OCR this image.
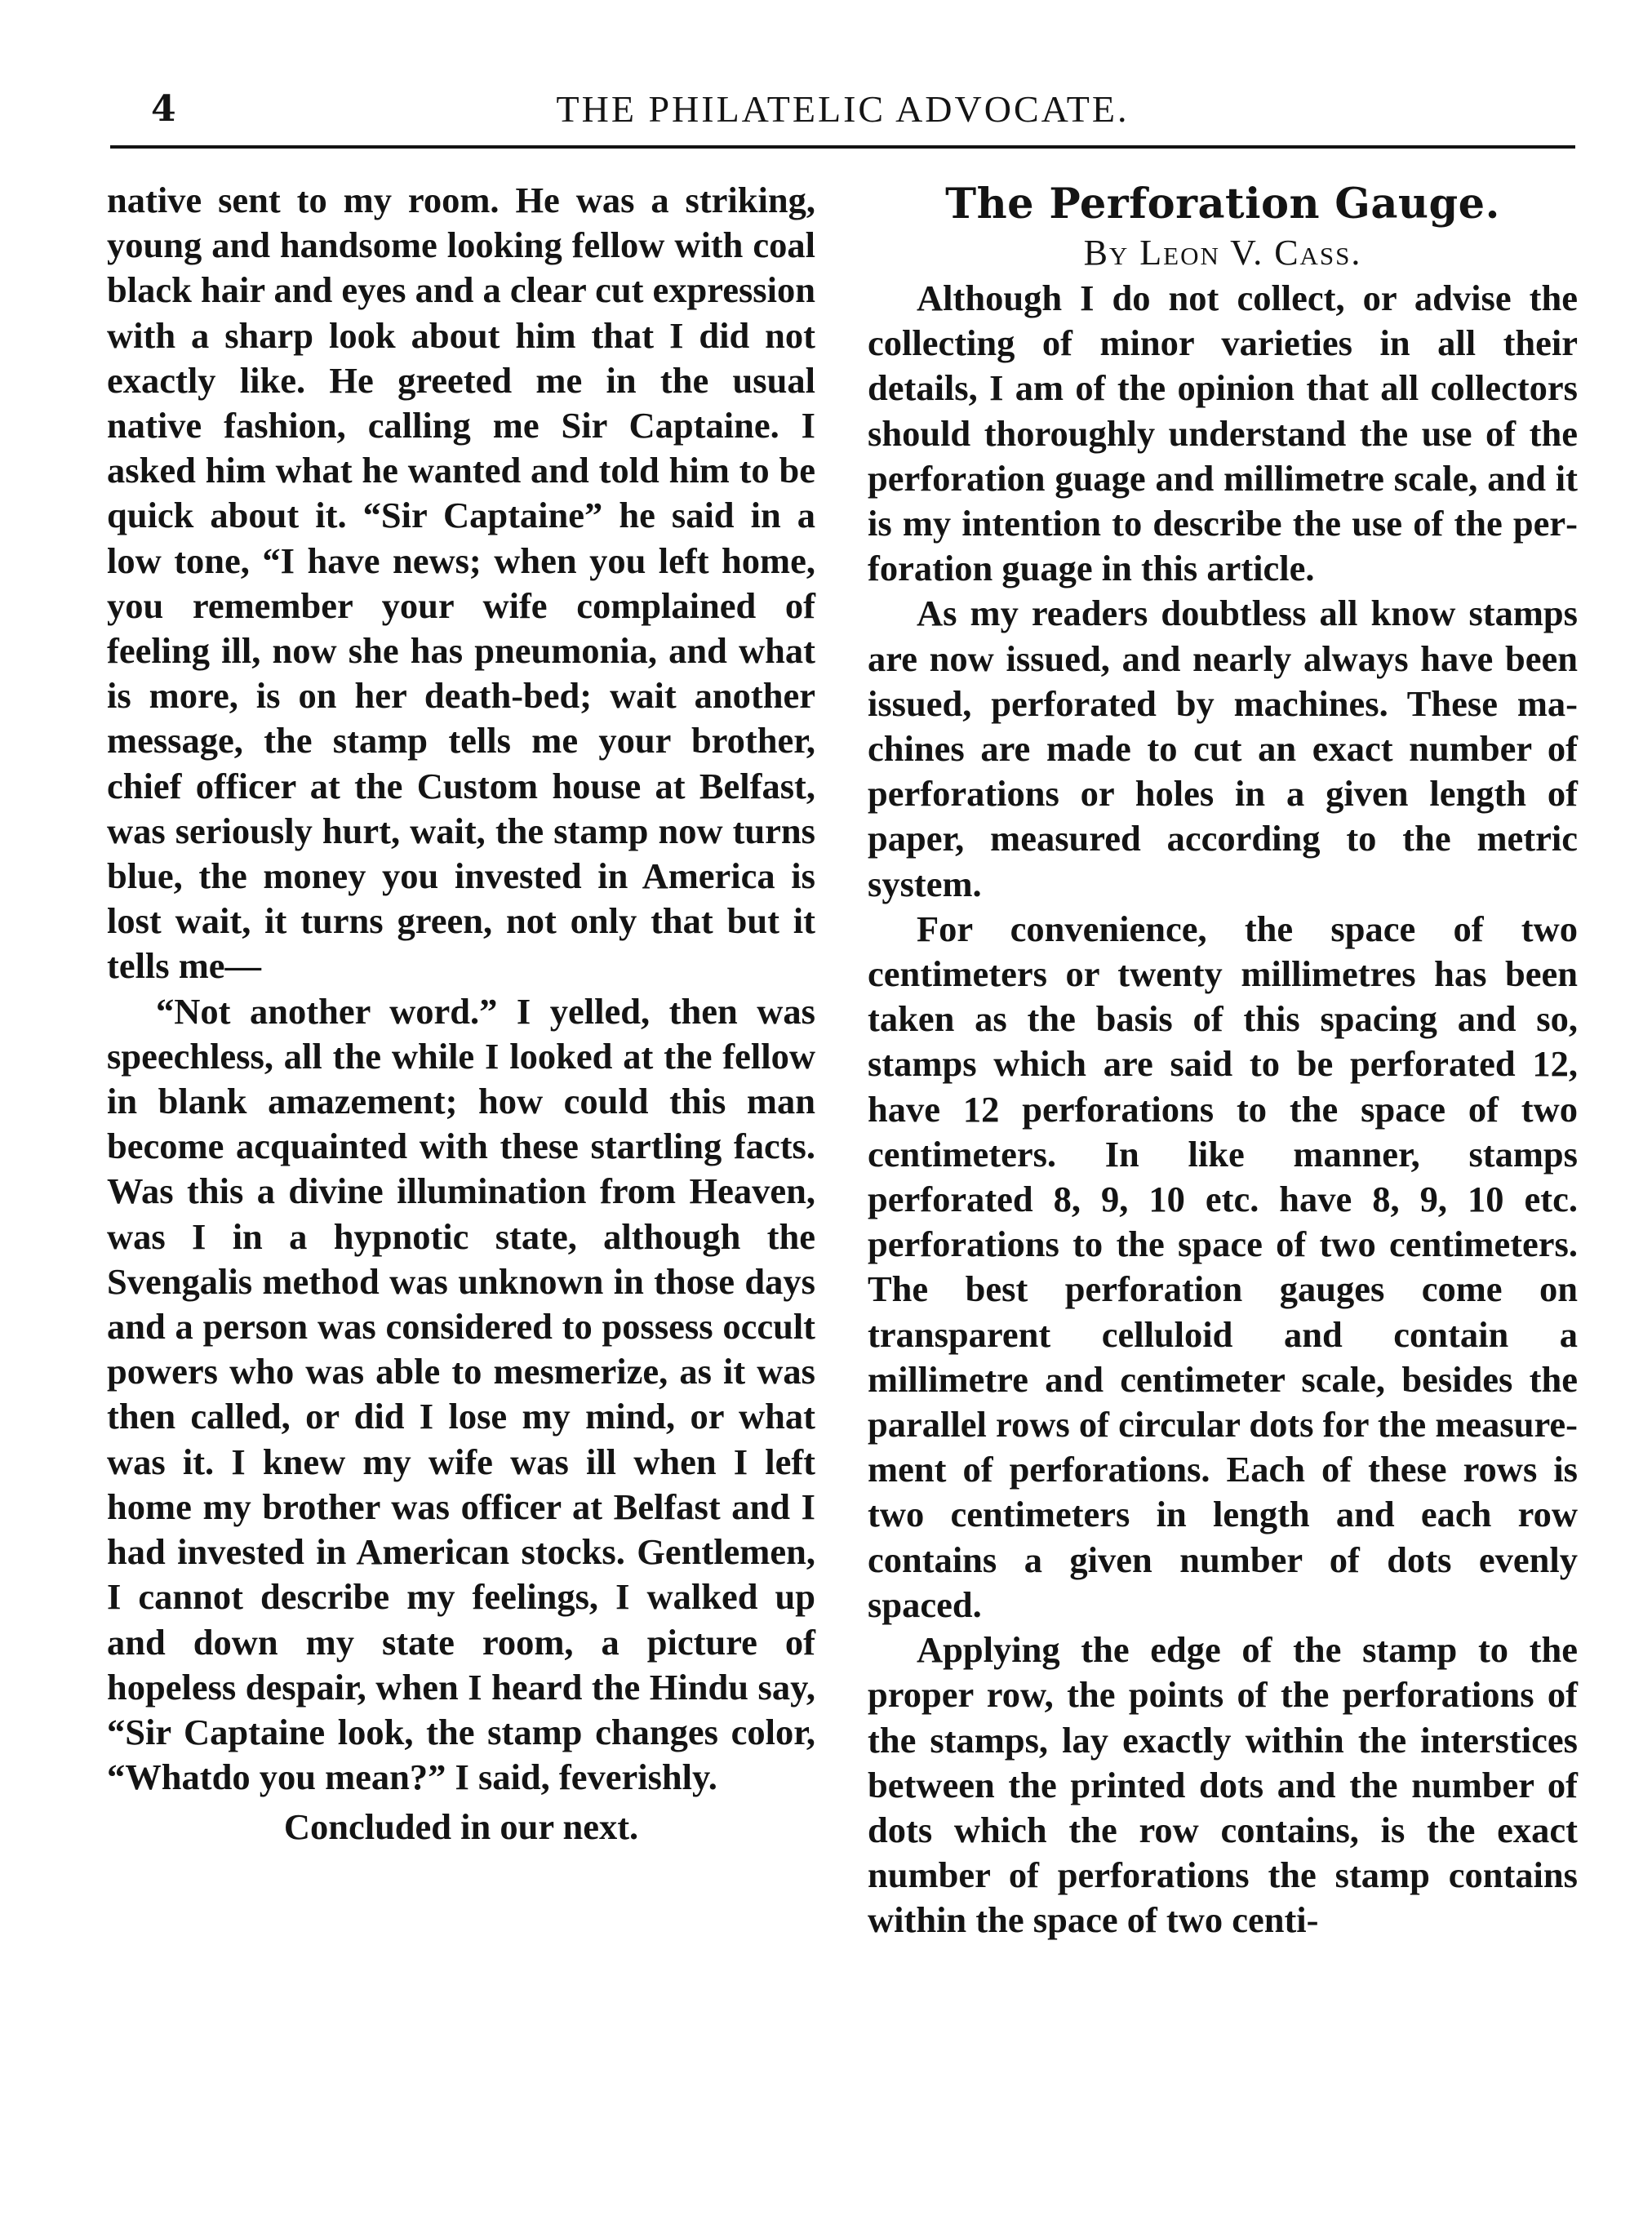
4	THE PHILATELIC ADVOCATE.

native sent to my room. He was a striking, young and handsome looking fellow with coal black hair and eyes and a clear cut expression with a sharp look about him that I did not exactly like. He greeted me in the usual native fashion, calling me Sir Captaine. I asked him what he wanted and told him to be quick about it. “Sir Captaine” he said in a low tone, “I have news; when you left home, you remember your wife complained of feeling ill, now she has pneumonia, and what is more, is on her death-bed; wait another message, the stamp tells me your brother, chief officer at the Custom house at Belfast, was seriously hurt, wait, the stamp now turns blue, the money you invested in America is lost wait, it turns green, not only that but it tells me—

“Not another word.” I yelled, then was speechless, all the while I looked at the fellow in blank amazement; how could this man become acquainted with these startling facts. Was this a divine illumination from Heaven, was I in a hypnotic state, although the Svengalis method was unknown in those days and a person was considered to possess occult powers who was able to mesmerize, as it was then called, or did I lose my mind, or what was it. I knew my wife was ill when I left home my brother was officer at Belfast and I had invested in American stocks. Gentlemen, I cannot describe my feelings, I walked up and down my state room, a picture of hopeless despair, when I heard the Hindu say, “Sir Captaine look, the stamp changes color, “Whatdo you mean?” I said, feverishly.

Concluded in our next.

The Perforation Gauge.

By Leon V. Cass.

Although I do not collect, or advise the collecting of minor varieties in all their details, I am of the opinion that all collectors should thoroughly understand the use of the perforation guage and millimetre scale, and it is my intention to describe the use of the perforation guage in this article.

As my readers doubtless all know stamps are now issued, and nearly always have been issued, perforated by machines. These machines are made to cut an exact number of perforations or holes in a given length of paper, measured according to the metric system.

For convenience, the space of two centimeters or twenty millimetres has been taken as the basis of this spacing and so, stamps which are said to be perforated 12, have 12 perforations to the space of two centimeters. In like manner, stamps perforated 8, 9, 10 etc. have 8, 9, 10 etc. perforations to the space of two centimeters. The best perforation gauges come on transparent celluloid and contain a millimetre and centimeter scale, besides the parallel rows of circular dots for the measurement of perforations. Each of these rows is two centimeters in length and each row contains a given number of dots evenly spaced.

Applying the edge of the stamp to the proper row, the points of the perforations of the stamps, lay exactly within the interstices between the printed dots and the number of dots which the row contains, is the exact number of perforations the stamp contains within the space of two centi-
